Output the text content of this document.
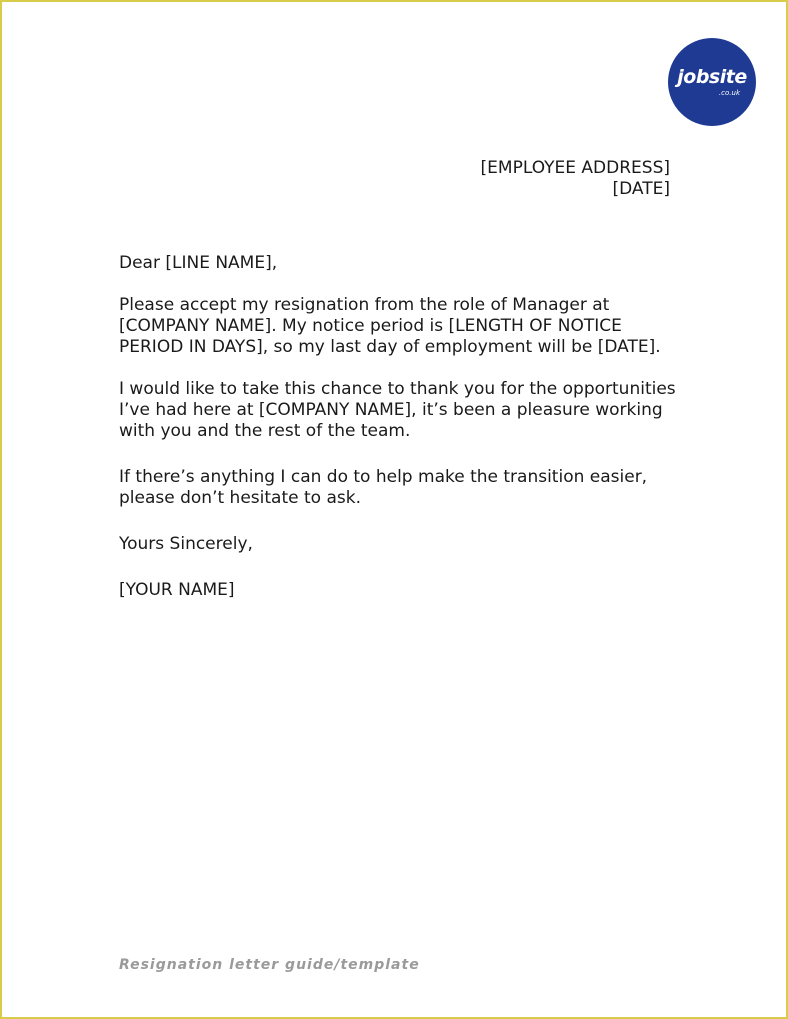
jobsite
.co.uk
[EMPLOYEE ADDRESS]
[DATE]

Dear [LINE NAME],

Please accept my resignation from the role of Manager at [COMPANY NAME]. My notice period is [LENGTH OF NOTICE PERIOD IN DAYS], so my last day of employment will be [DATE].

I would like to take this chance to thank you for the opportunities I’ve had here at [COMPANY NAME], it’s been a pleasure working with you and the rest of the team.

If there’s anything I can do to help make the transition easier, please don’t hesitate to ask.

Yours Sincerely,

[YOUR NAME]

Resignation letter guide/template
